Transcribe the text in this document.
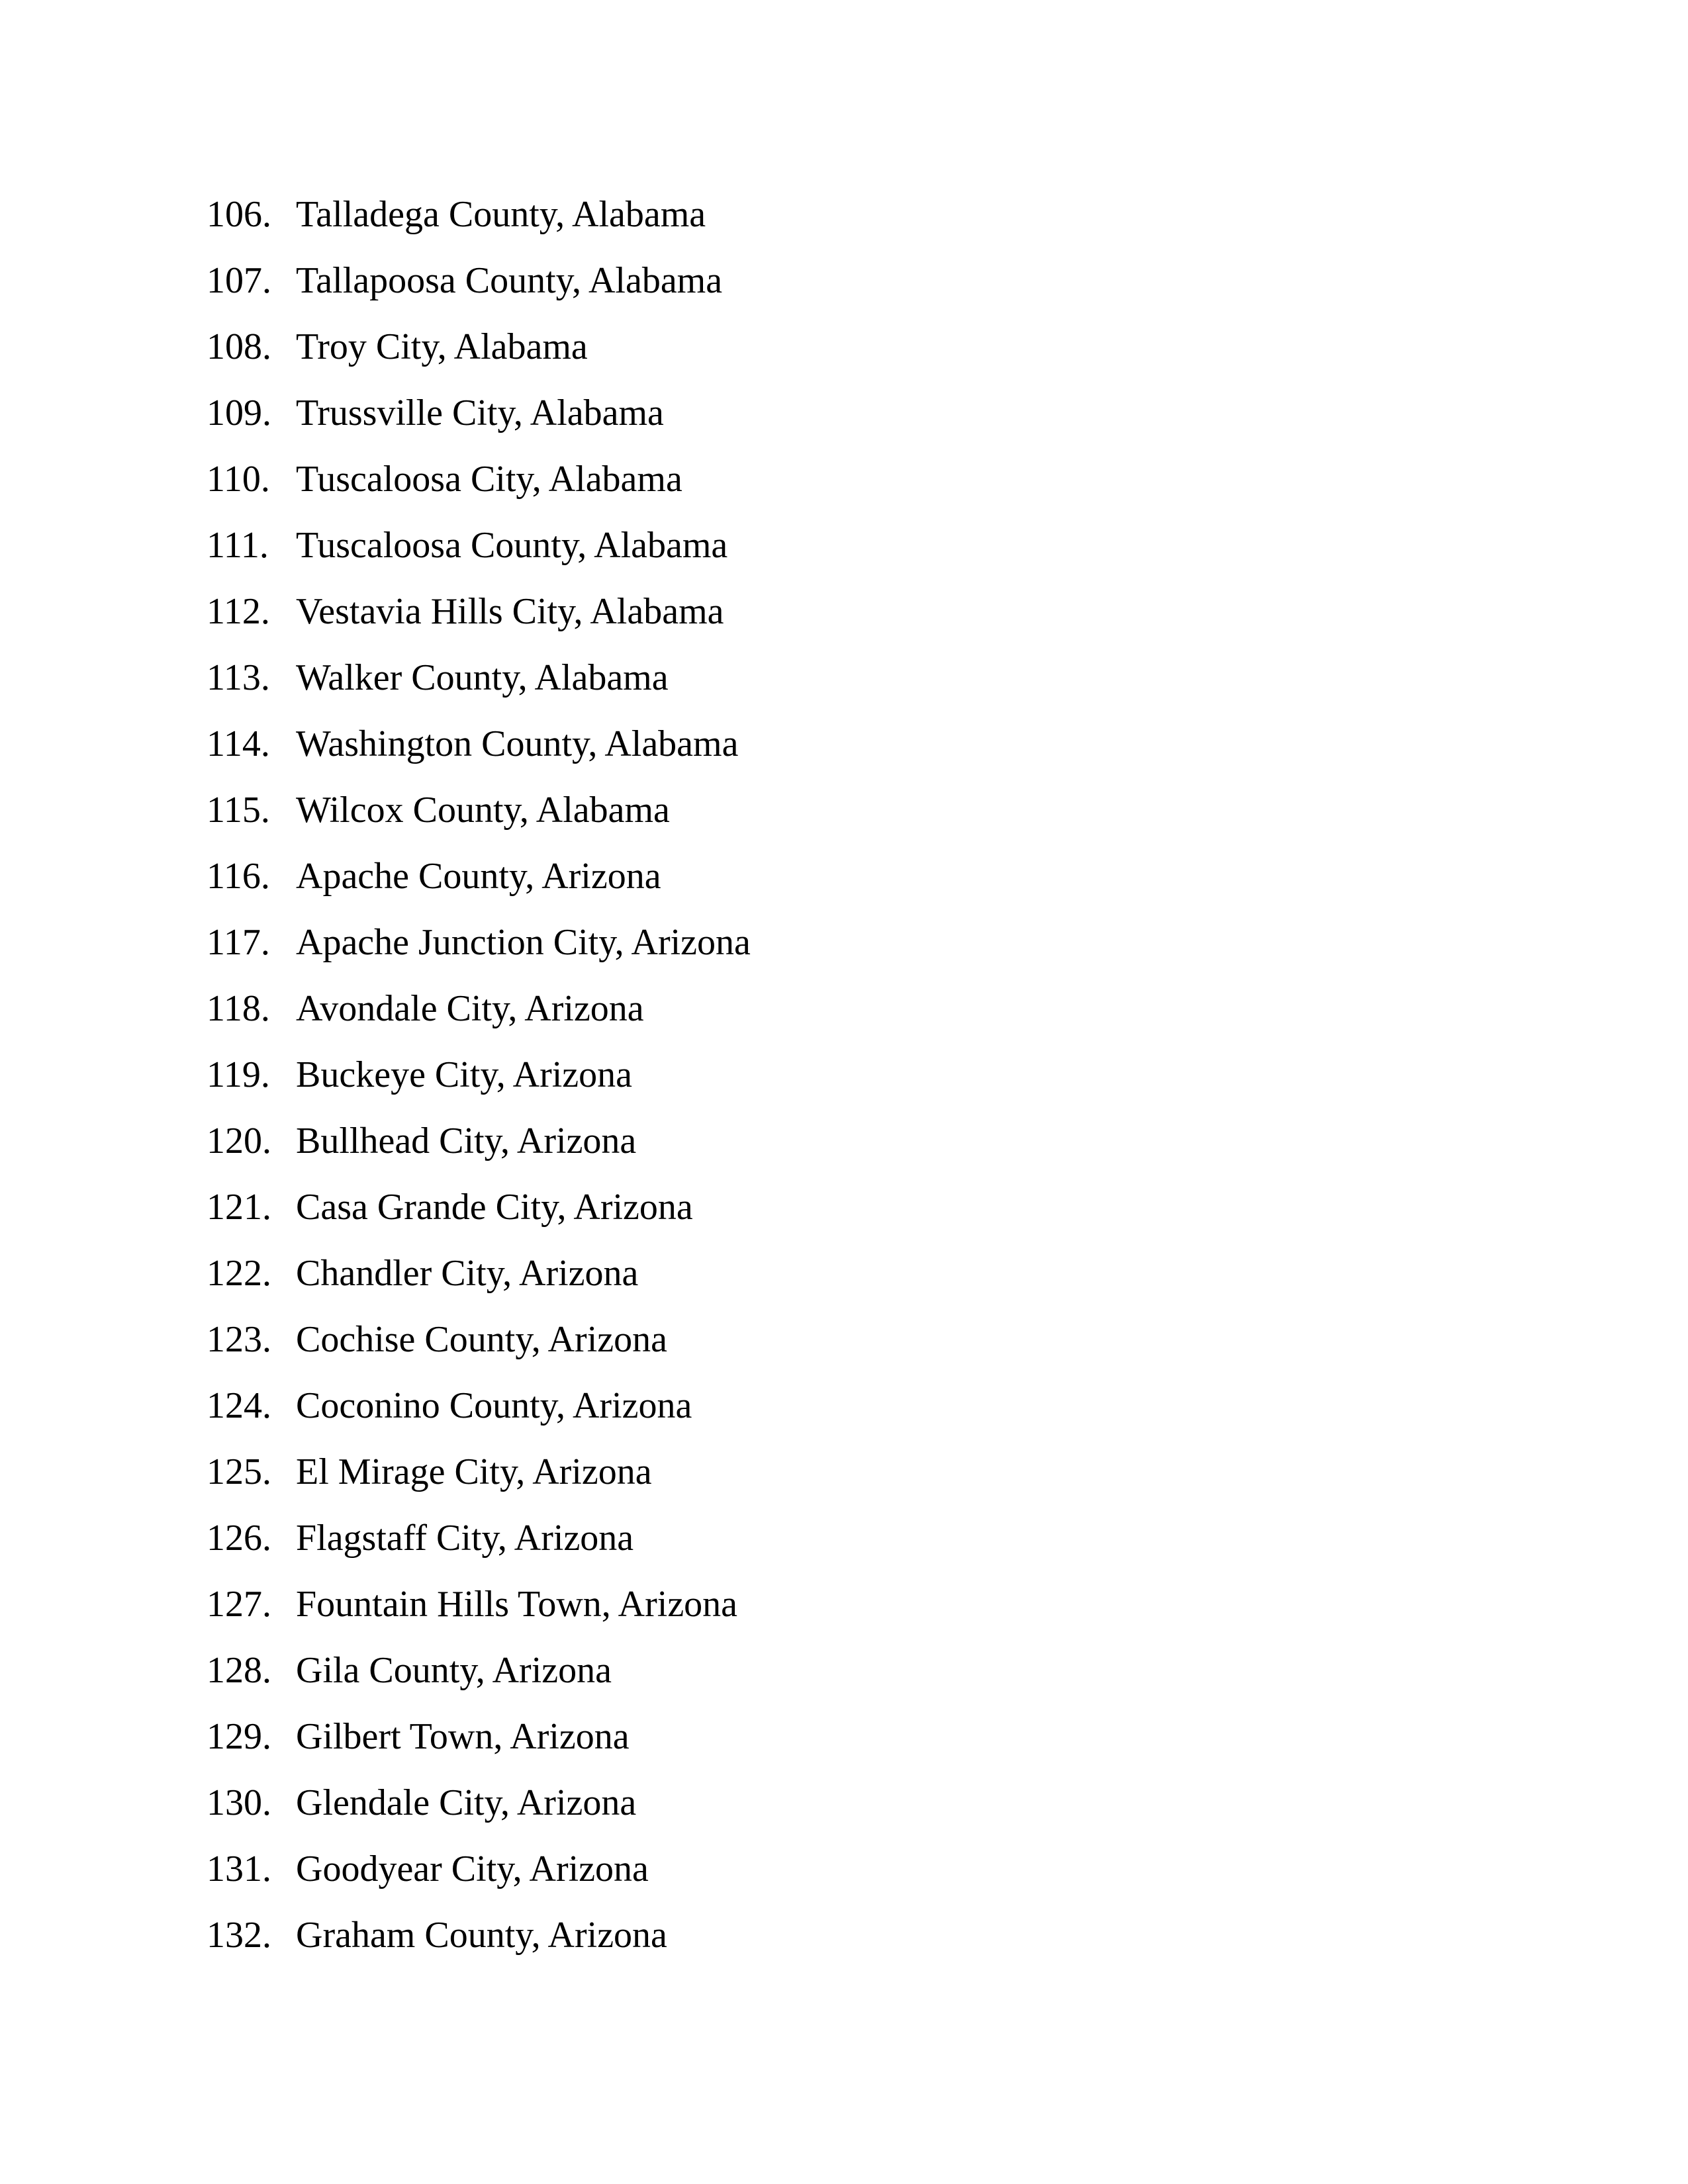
106. Talladega County, Alabama
107. Tallapoosa County, Alabama
108. Troy City, Alabama
109. Trussville City, Alabama
110. Tuscaloosa City, Alabama
111. Tuscaloosa County, Alabama
112. Vestavia Hills City, Alabama
113. Walker County, Alabama
114. Washington County, Alabama
115. Wilcox County, Alabama
116. Apache County, Arizona
117. Apache Junction City, Arizona
118. Avondale City, Arizona
119. Buckeye City, Arizona
120. Bullhead City, Arizona
121. Casa Grande City, Arizona
122. Chandler City, Arizona
123. Cochise County, Arizona
124. Coconino County, Arizona
125. El Mirage City, Arizona
126. Flagstaff City, Arizona
127. Fountain Hills Town, Arizona
128. Gila County, Arizona
129. Gilbert Town, Arizona
130. Glendale City, Arizona
131. Goodyear City, Arizona
132. Graham County, Arizona
